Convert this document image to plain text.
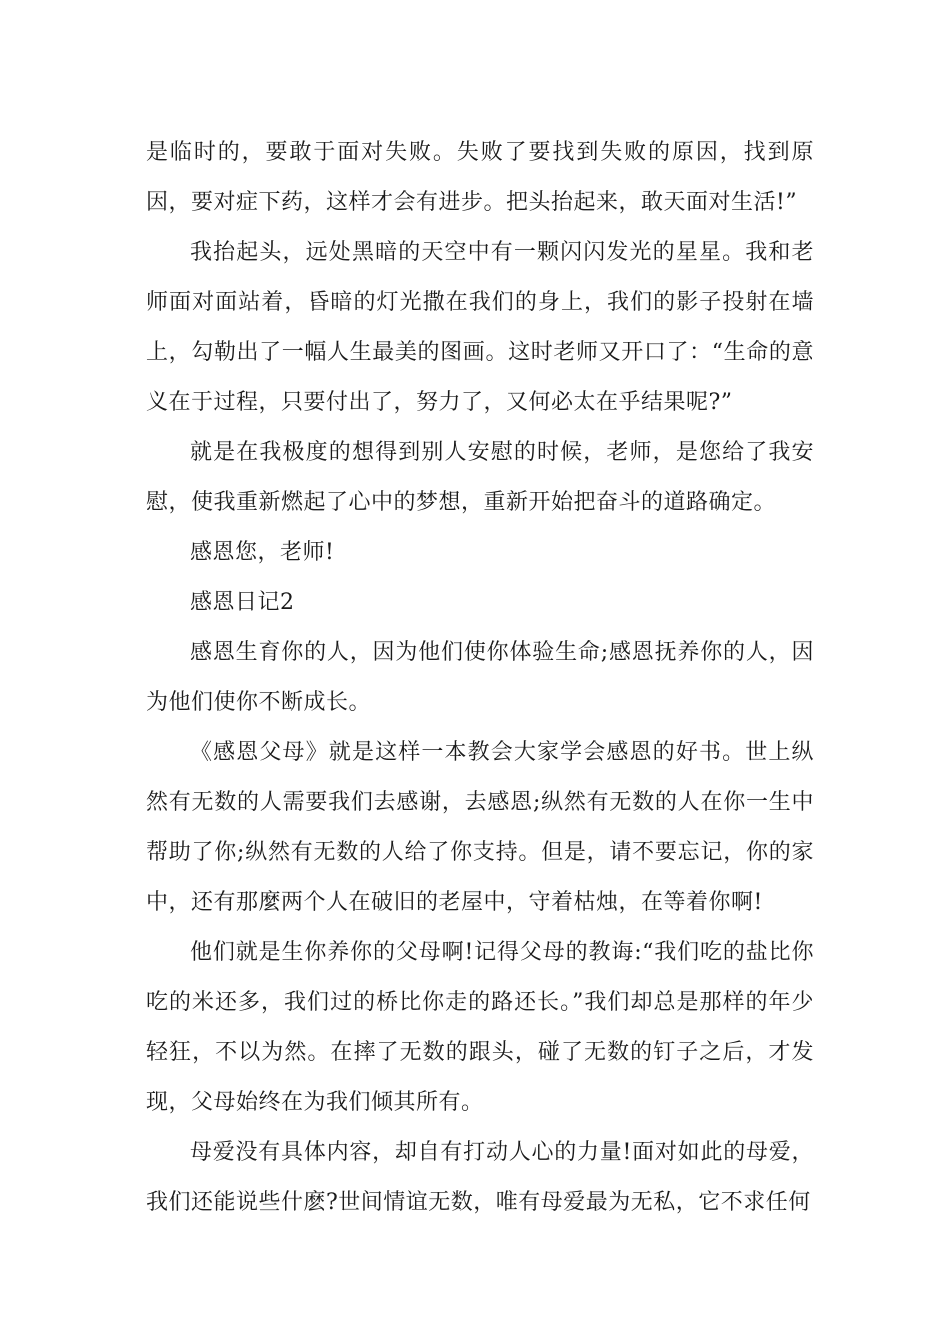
是临时的，要敢于面对失败。失败了要找到失败的原因，找到原因，要对症下药，这样才会有进步。把头抬起来，敢天面对生活!”

我抬起头，远处黑暗的天空中有一颗闪闪发光的星星。我和老师面对面站着，昏暗的灯光撒在我们的身上，我们的影子投射在墙上，勾勒出了一幅人生最美的图画。这时老师又开口了：“生命的意义在于过程，只要付出了，努力了，又何必太在乎结果呢?”

就是在我极度的想得到别人安慰的时候，老师，是您给了我安慰，使我重新燃起了心中的梦想，重新开始把奋斗的道路确定。

感恩您，老师!

感恩日记2

感恩生育你的人，因为他们使你体验生命;感恩抚养你的人，因为他们使你不断成长。

《感恩父母》就是这样一本教会大家学会感恩的好书。世上纵然有无数的人需要我们去感谢，去感恩;纵然有无数的人在你一生中帮助了你;纵然有无数的人给了你支持。但是，请不要忘记，你的家中，还有那麼两个人在破旧的老屋中，守着枯烛，在等着你啊!

他们就是生你养你的父母啊!记得父母的教诲:“我们吃的盐比你吃的米还多，我们过的桥比你走的路还长。”我们却总是那样的年少轻狂，不以为然。在摔了无数的跟头，碰了无数的钉子之后，才发现，父母始终在为我们倾其所有。

母爱没有具体内容，却自有打动人心的力量!面对如此的母爱，我们还能说些什麽?世间情谊无数，唯有母爱最为无私，它不求任何
